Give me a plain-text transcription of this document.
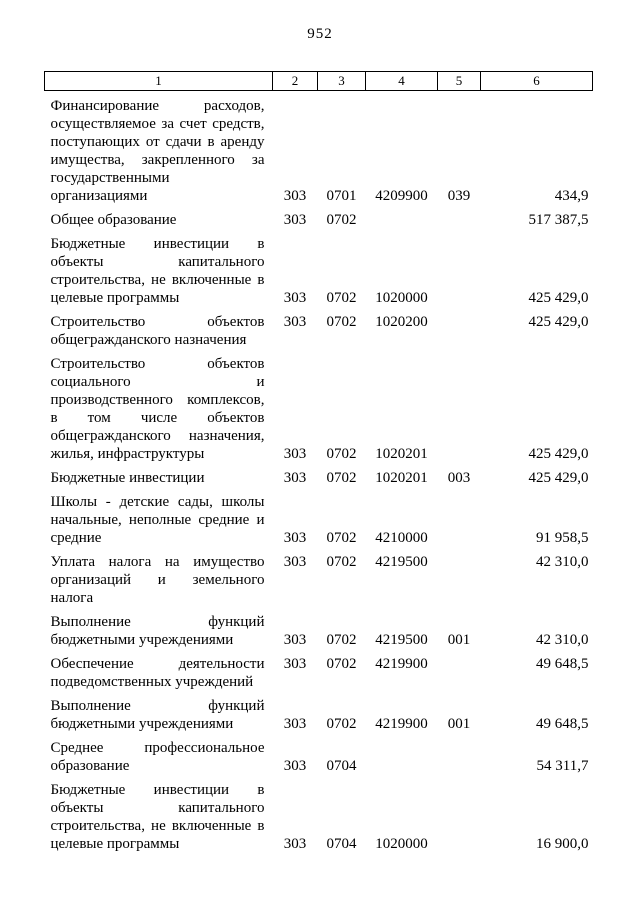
952
1	2	3	4	5	6
Финансирование расходов, осуществляемое за счет средств, поступающих от сдачи в аренду имущества, закрепленного за государственными организациями	303	0701	4209900	039	434,9
Общее образование	303	0702			517 387,5
Бюджетные инвестиции в объекты капитального строительства, не включенные в целевые программы	303	0702	1020000		425 429,0
Строительство объектов общегражданского назначения	303	0702	1020200		425 429,0
Строительство объектов социального и производственного комплексов, в том числе объектов общегражданского назначения, жилья, инфраструктуры	303	0702	1020201		425 429,0
Бюджетные инвестиции	303	0702	1020201	003	425 429,0
Школы - детские сады, школы начальные, неполные средние и средние	303	0702	4210000		91 958,5
Уплата налога на имущество организаций и земельного налога	303	0702	4219500		42 310,0
Выполнение функций бюджетными учреждениями	303	0702	4219500	001	42 310,0
Обеспечение деятельности подведомственных учреждений	303	0702	4219900		49 648,5
Выполнение функций бюджетными учреждениями	303	0702	4219900	001	49 648,5
Среднее профессиональное образование	303	0704			54 311,7
Бюджетные инвестиции в объекты капитального строительства, не включенные в целевые программы	303	0704	1020000		16 900,0
